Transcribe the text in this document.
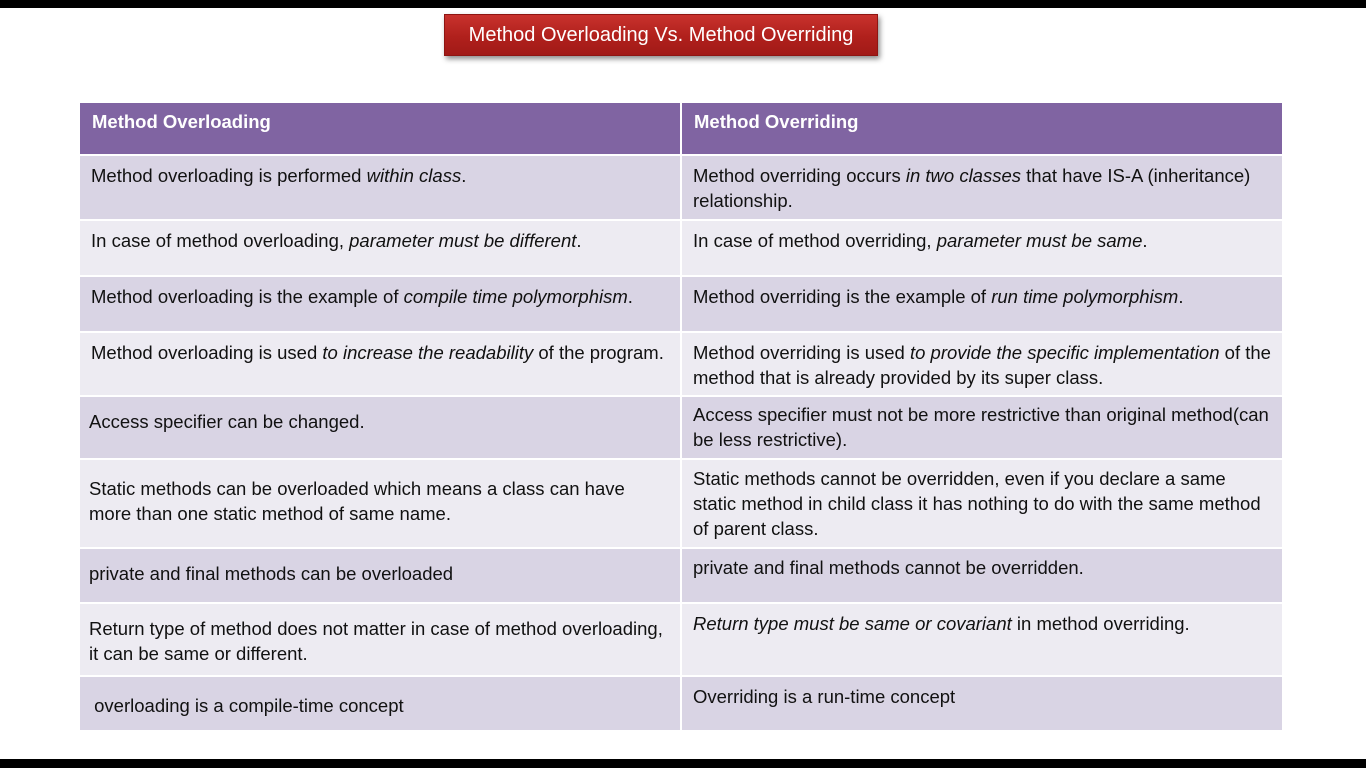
Method Overloading Vs. Method Overriding
Method Overloading	Method Overriding
Method overloading is performed within class.	Method overriding occurs in two classes that have IS-A (inheritance) relationship.
In case of method overloading, parameter must be different.	In case of method overriding, parameter must be same.
Method overloading is the example of compile time polymorphism.	Method overriding is the example of run time polymorphism.
Method overloading is used to increase the readability of the program.	Method overriding is used to provide the specific implementation of the method that is already provided by its super class.
Access specifier can be changed.	Access specifier must not be more restrictive than original method(can be less restrictive).
Static methods can be overloaded which means a class can have more than one static method of same name.	Static methods cannot be overridden, even if you declare a same static method in child class it has nothing to do with the same method of parent class.
private and final methods can be overloaded	private and final methods cannot be overridden.
Return type of method does not matter in case of method overloading, it can be same or different.	Return type must be same or covariant in method overriding.
overloading is a compile-time concept	Overriding is a run-time concept
